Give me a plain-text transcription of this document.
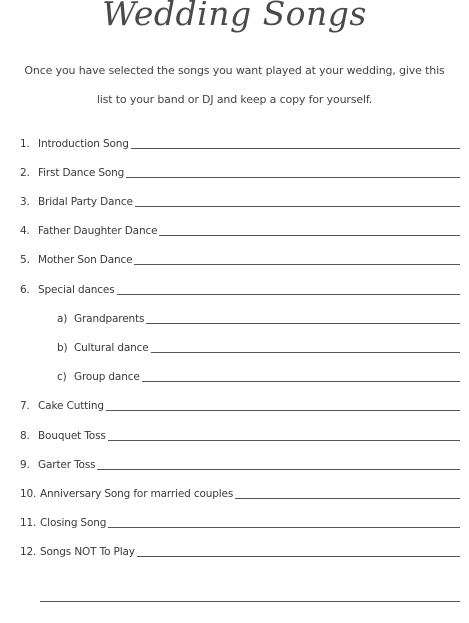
Wedding Songs
Once you have selected the songs you want played at your wedding, give this
list to your band or DJ and keep a copy for yourself.
1. Introduction Song
2. First Dance Song
3. Bridal Party Dance
4. Father Daughter Dance
5. Mother Son Dance
6. Special dances
a) Grandparents
b) Cultural dance
c) Group dance
7. Cake Cutting
8. Bouquet Toss
9. Garter Toss
10. Anniversary Song for married couples
11. Closing Song
12. Songs NOT To Play
